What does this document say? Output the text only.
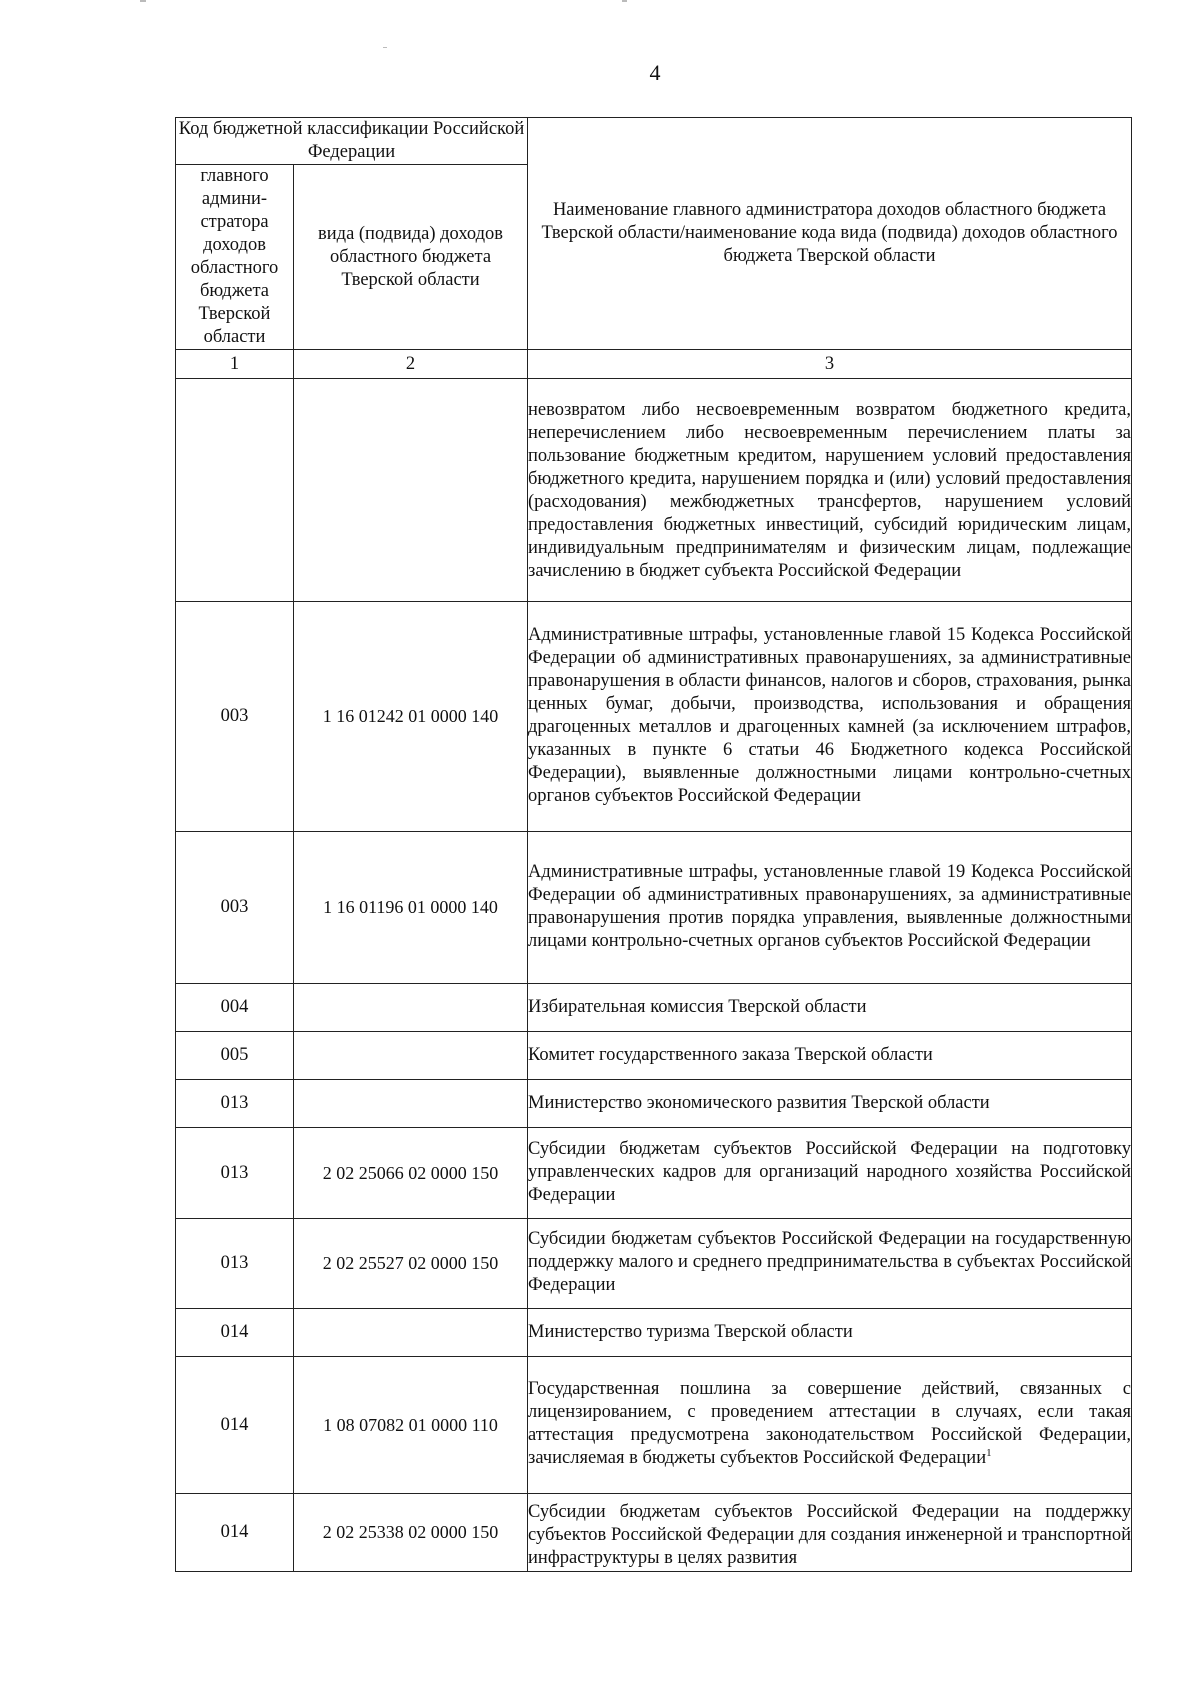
4
Код бюджетной классификации Российской Федерации		Наименование главного администратора доходов областного бюджета Тверской области/наименование кода вида (подвида) доходов областного бюджета Тверской области
главного админи-стратора доходов областного бюджета Тверской области	вида (подвида) доходов областного бюджета Тверской области	
1	2	3
		невозвратом либо несвоевременным возвратом бюджетного кредита, неперечислением либо несвоевременным перечислением платы за пользование бюджетным кредитом, нарушением условий предоставления бюджетного кредита, нарушением порядка и (или) условий предоставления (расходования) межбюджетных трансфертов, нарушением условий предоставления бюджетных инвестиций, субсидий юридическим лицам, индивидуальным предпринимателям и физическим лицам, подлежащие зачислению в бюджет субъекта Российской Федерации
003	1 16 01242 01 0000 140	Административные штрафы, установленные главой 15 Кодекса Российской Федерации об административных правонарушениях, за административные правонарушения в области финансов, налогов и сборов, страхования, рынка ценных бумаг, добычи, производства, использования и обращения драгоценных металлов и драгоценных камней (за исключением штрафов, указанных в пункте 6 статьи 46 Бюджетного кодекса Российской Федерации), выявленные должностными лицами контрольно-счетных органов субъектов Российской Федерации
003	1 16 01196 01 0000 140	Административные штрафы, установленные главой 19 Кодекса Российской Федерации об административных правонарушениях, за административные правонарушения против порядка управления, выявленные должностными лицами контрольно-счетных органов субъектов Российской Федерации
004		Избирательная комиссия Тверской области
005		Комитет государственного заказа Тверской области
013		Министерство экономического развития Тверской области
013	2 02 25066 02 0000 150	Субсидии бюджетам субъектов Российской Федерации на подготовку управленческих кадров для организаций народного хозяйства Российской Федерации
013	2 02 25527 02 0000 150	Субсидии бюджетам субъектов Российской Федерации на государственную поддержку малого и среднего предпринимательства в субъектах Российской Федерации
014		Министерство туризма Тверской области
014	1 08 07082 01 0000 110	Государственная пошлина за совершение действий, связанных с лицензированием, с проведением аттестации в случаях, если такая аттестация предусмотрена законодательством Российской Федерации, зачисляемая в бюджеты субъектов Российской Федерации$^1$
014	2 02 25338 02 0000 150	Субсидии бюджетам субъектов Российской Федерации на поддержку субъектов Российской Федерации для создания инженерной и транспортной инфраструктуры в целях развития
